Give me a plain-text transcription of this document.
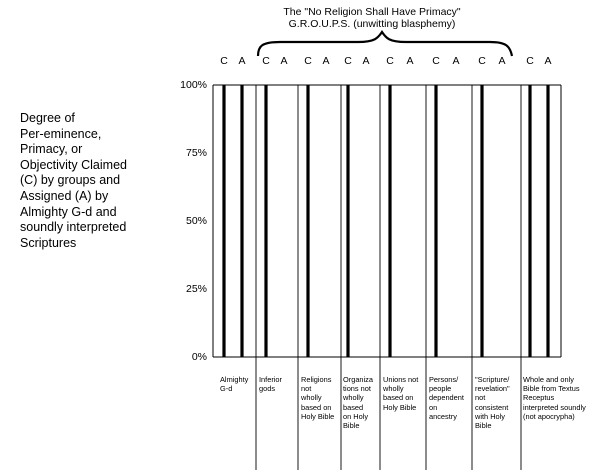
0%
25%
50%
75%
100%
C A C A C A C A C A C A C A C A
The "No Religion Shall Have Primacy"
G.R.O.U.P.S. (unwitting blasphemy)
Degree of
Per-eminence,
Primacy, or
Objectivity Claimed
(C) by groups and
Assigned (A) by
Almighty G-d and
soundly interpreted
Scriptures
Almighty
G-d
Inferior
gods
Religions
not
wholly
based on
Holy Bible
Organiza
tions not
wholly
based
on Holy
Bible
Unions not
wholly
based on
Holy Bible
Persons/
people
dependent
on
ancestry
"Scripture/
revelation"
not
consistent
with Holy
Bible
Whole and only
Bible from Textus
Receptus
interpreted soundly
(not apocrypha)
